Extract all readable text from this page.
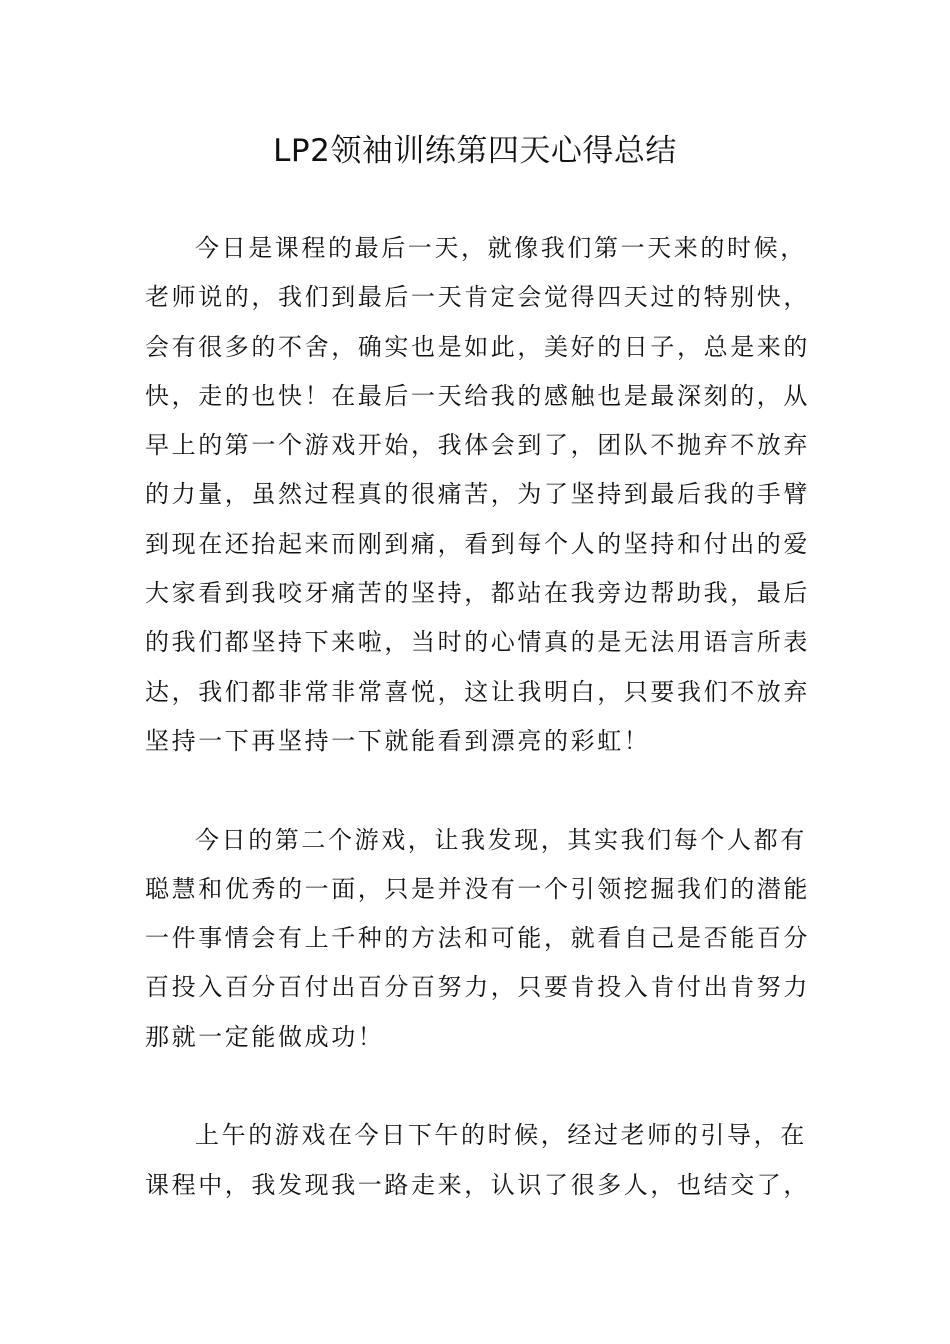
LP2领袖训练第四天心得总结
今日是课程的最后一天，就像我们第一天来的时候，
老师说的，我们到最后一天肯定会觉得四天过的特别快，
会有很多的不舍，确实也是如此，美好的日子，总是来的
快，走的也快！在最后一天给我的感触也是最深刻的，从
早上的第一个游戏开始，我体会到了，团队不抛弃不放弃
的力量，虽然过程真的很痛苦，为了坚持到最后我的手臂
到现在还抬起来而刚到痛，看到每个人的坚持和付出的爱
大家看到我咬牙痛苦的坚持，都站在我旁边帮助我，最后
的我们都坚持下来啦，当时的心情真的是无法用语言所表
达，我们都非常非常喜悦，这让我明白，只要我们不放弃
坚持一下再坚持一下就能看到漂亮的彩虹！
今日的第二个游戏，让我发现，其实我们每个人都有
聪慧和优秀的一面，只是并没有一个引领挖掘我们的潜能
一件事情会有上千种的方法和可能，就看自己是否能百分
百投入百分百付出百分百努力，只要肯投入肯付出肯努力
那就一定能做成功！
上午的游戏在今日下午的时候，经过老师的引导，在
课程中，我发现我一路走来，认识了很多人，也结交了，
